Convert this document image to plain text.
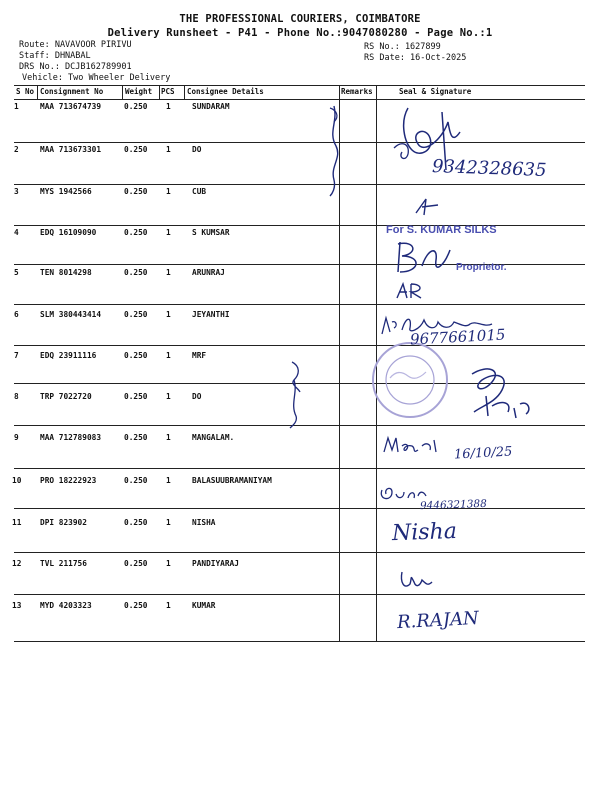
THE PROFESSIONAL COURIERS, COIMBATORE
Delivery Runsheet - P41 - Phone No.:9047080280 - Page No.:1
Route: NAVAVOOR PIRIVU
Staff: DHNABAL
DRS No.: DCJB162789901
Vehicle: Two Wheeler Delivery
RS No.: 1627899
RS Date: 16-Oct-2025
S No Consignment No	Weight PCS Consignee Details	Remarks	Seal & Signature
1	MAA 713674739	0.250 1	SUNDARAM
2	MAA 713673301	0.250 1	DO
3	MYS 1942566	0.250 1	CUB
4	EDQ 16109090	0.250 1	S KUMSAR
5	TEN 8014298	0.250 1	ARUNRAJ
6	SLM 380443414	0.250 1	JEYANTHI
7	EDQ 23911116	0.250 1	MRF
8	TRP 7022720	0.250 1	DO
9	MAA 712789083	0.250 1	MANGALAM.
10 PRO 18222923	0.250 1	BALASUUBRAMANIYAM
11 DPI 823902	0.250 1	NISHA
12 TVL 211756	0.250 1	PANDIYARAJ
13 MYD 4203323	0.250 1	KUMAR
9342328635
For S. KUMAR SILKS
Proprietor.
9677661015
16/10/25
9446321388
Nisha
R.RAJAN
